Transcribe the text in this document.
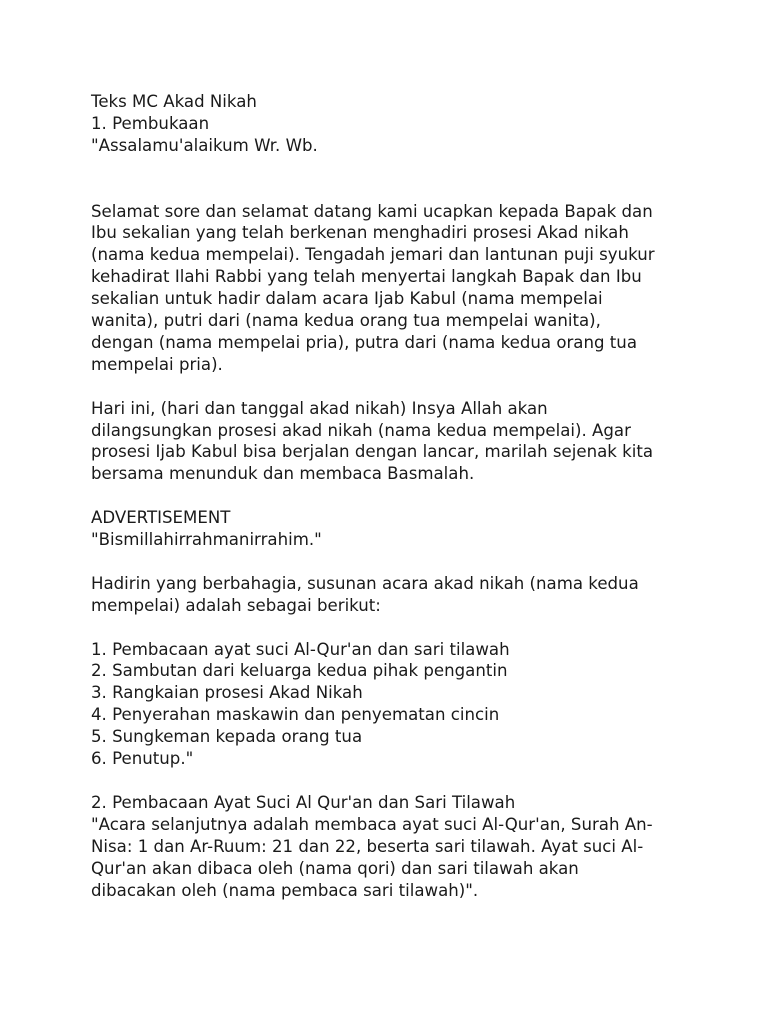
Teks MC Akad Nikah
1. Pembukaan
"Assalamu'alaikum Wr. Wb.
Selamat sore dan selamat datang kami ucapkan kepada Bapak dan
Ibu sekalian yang telah berkenan menghadiri prosesi Akad nikah
(nama kedua mempelai). Tengadah jemari dan lantunan puji syukur
kehadirat Ilahi Rabbi yang telah menyertai langkah Bapak dan Ibu
sekalian untuk hadir dalam acara Ijab Kabul (nama mempelai
wanita), putri dari (nama kedua orang tua mempelai wanita),
dengan (nama mempelai pria), putra dari (nama kedua orang tua
mempelai pria).
Hari ini, (hari dan tanggal akad nikah) Insya Allah akan
dilangsungkan prosesi akad nikah (nama kedua mempelai). Agar
prosesi Ijab Kabul bisa berjalan dengan lancar, marilah sejenak kita
bersama menunduk dan membaca Basmalah.
ADVERTISEMENT
"Bismillahirrahmanirrahim."
Hadirin yang berbahagia, susunan acara akad nikah (nama kedua
mempelai) adalah sebagai berikut:
1. Pembacaan ayat suci Al-Qur'an dan sari tilawah
2. Sambutan dari keluarga kedua pihak pengantin
3. Rangkaian prosesi Akad Nikah
4. Penyerahan maskawin dan penyematan cincin
5. Sungkeman kepada orang tua
6. Penutup."
2. Pembacaan Ayat Suci Al Qur'an dan Sari Tilawah
"Acara selanjutnya adalah membaca ayat suci Al-Qur'an, Surah An-
Nisa: 1 dan Ar-Ruum: 21 dan 22, beserta sari tilawah. Ayat suci Al-
Qur'an akan dibaca oleh (nama qori) dan sari tilawah akan
dibacakan oleh (nama pembaca sari tilawah)".
